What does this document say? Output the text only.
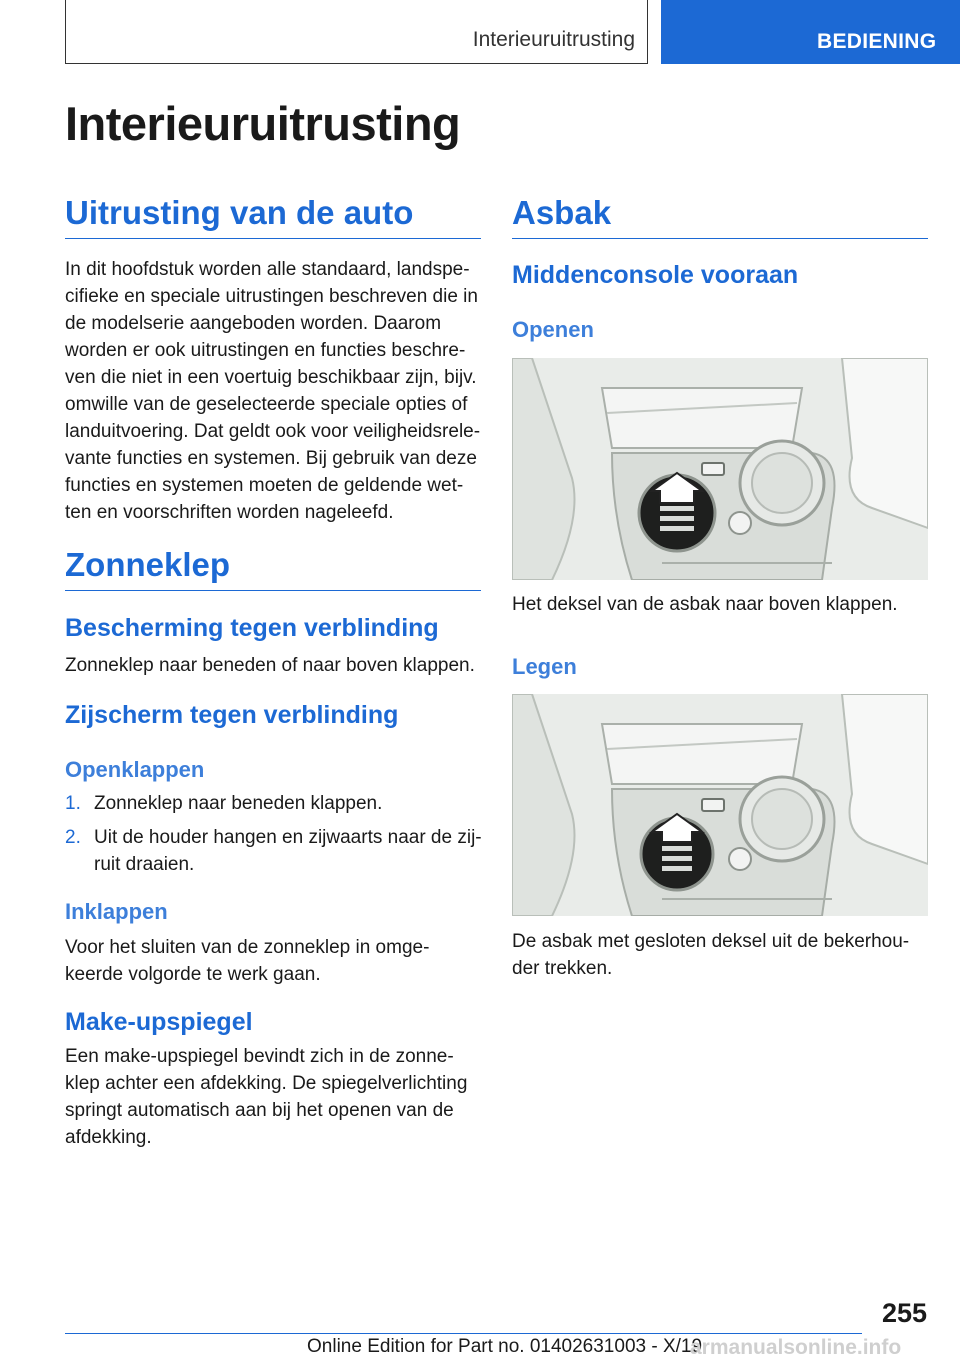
Interieuruitrusting	BEDIENING
Interieuruitrusting
Uitrusting van de auto
In dit hoofdstuk worden alle standaard, landspe-
cifieke en speciale uitrustingen beschreven die in
de modelserie aangeboden worden. Daarom
worden er ook uitrustingen en functies beschre-
ven die niet in een voertuig beschikbaar zijn, bijv.
omwille van de geselecteerde speciale opties of
landuitvoering. Dat geldt ook voor veiligheidsrele-
vante functies en systemen. Bij gebruik van deze
functies en systemen moeten de geldende wet-
ten en voorschriften worden nageleefd.
Zonneklep
Bescherming tegen verblinding
Zonneklep naar beneden of naar boven klappen.
Zijscherm tegen verblinding
Openklappen
1. Zonneklep naar beneden klappen.
2. Uit de houder hangen en zijwaarts naar de zij-
ruit draaien.
Inklappen
Voor het sluiten van de zonneklep in omge-
keerde volgorde te werk gaan.
Make-upspiegel
Een make-upspiegel bevindt zich in de zonne-
klep achter een afdekking. De spiegelverlichting
springt automatisch aan bij het openen van de
afdekking.
Asbak
Middenconsole vooraan
Openen
Het deksel van de asbak naar boven klappen.
Legen
De asbak met gesloten deksel uit de bekerhou-
der trekken.
255
Online Edition for Part no. 01402631003 - X/19
armanualsonline.info
